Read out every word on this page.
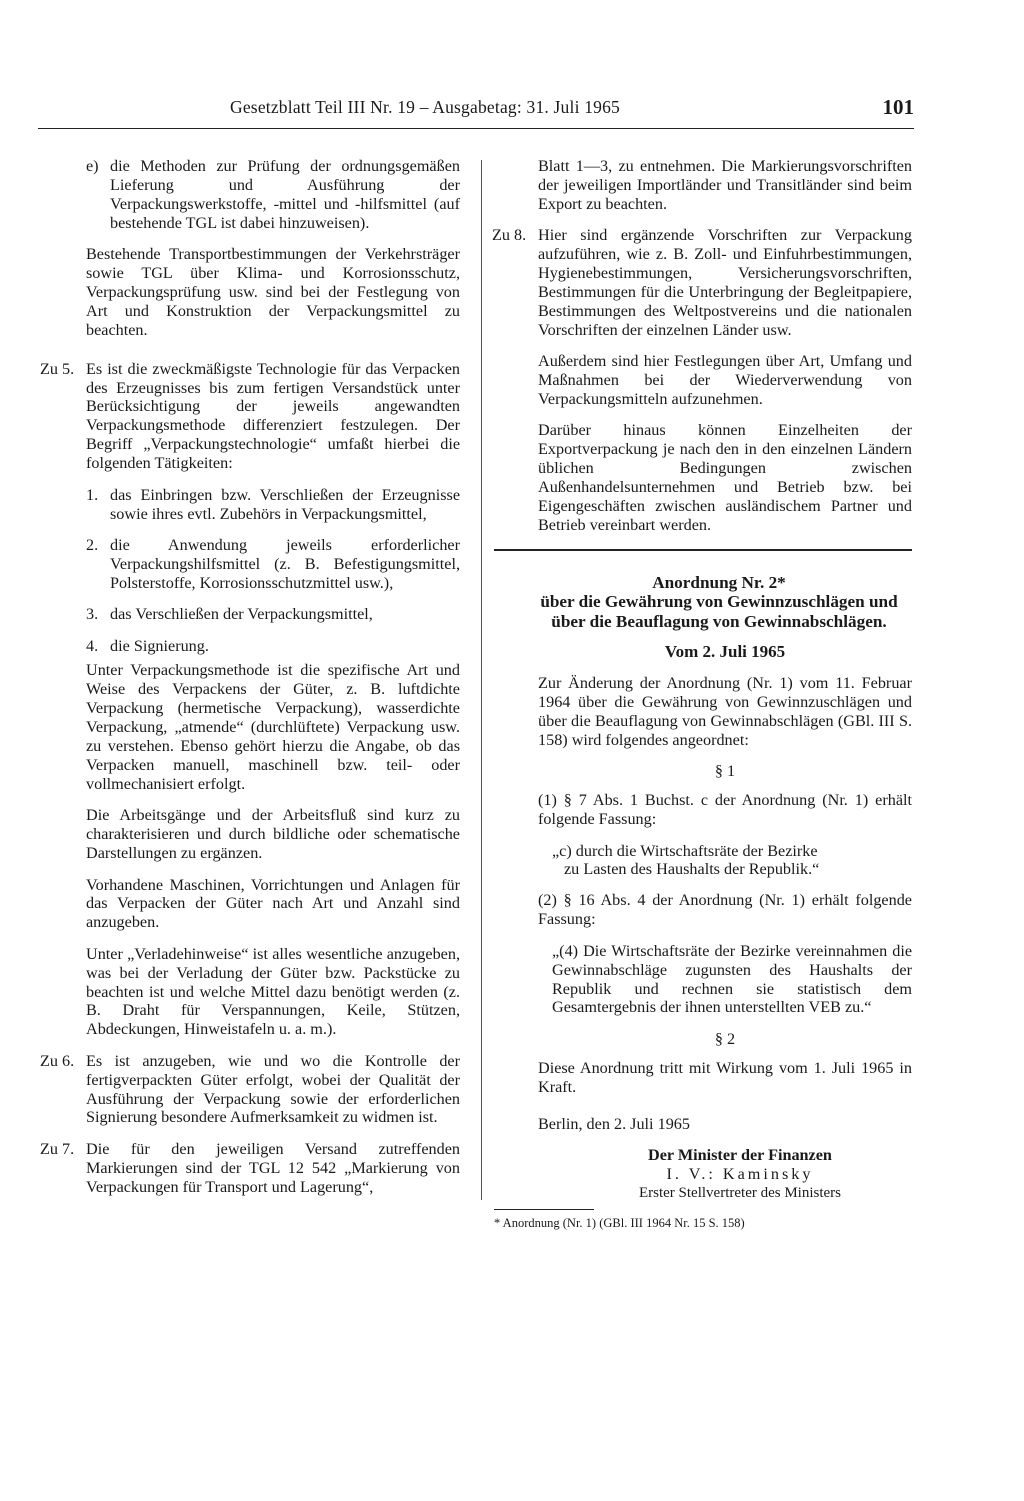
Gesetzblatt Teil III Nr. 19 – Ausgabetag: 31. Juli 1965	101

e) die Methoden zur Prüfung der ordnungsgemäßen Lieferung und Ausführung der Verpackungswerkstoffe, -mittel und -hilfsmittel (auf bestehende TGL ist dabei hinzuweisen).

Bestehende Transportbestimmungen der Verkehrsträger sowie TGL über Klima- und Korrosionsschutz, Verpackungsprüfung usw. sind bei der Festlegung von Art und Konstruktion der Verpackungsmittel zu beachten.

Zu 5. Es ist die zweckmäßigste Technologie für das Verpacken des Erzeugnisses bis zum fertigen Versandstück unter Berücksichtigung der jeweils angewandten Verpackungsmethode differenziert festzulegen. Der Begriff „Verpackungstechnologie“ umfaßt hierbei die folgenden Tätigkeiten:

1. das Einbringen bzw. Verschließen der Erzeugnisse sowie ihres evtl. Zubehörs in Verpackungsmittel,

2. die Anwendung jeweils erforderlicher Verpackungshilfsmittel (z. B. Befestigungsmittel, Polsterstoffe, Korrosionsschutzmittel usw.),

3. das Verschließen der Verpackungsmittel,

4. die Signierung.

Unter Verpackungsmethode ist die spezifische Art und Weise des Verpackens der Güter, z. B. luftdichte Verpackung (hermetische Verpackung), wasserdichte Verpackung, „atmende“ (durchlüftete) Verpackung usw. zu verstehen. Ebenso gehört hierzu die Angabe, ob das Verpacken manuell, maschinell bzw. teil- oder vollmechanisiert erfolgt.

Die Arbeitsgänge und der Arbeitsfluß sind kurz zu charakterisieren und durch bildliche oder schematische Darstellungen zu ergänzen.

Vorhandene Maschinen, Vorrichtungen und Anlagen für das Verpacken der Güter nach Art und Anzahl sind anzugeben.

Unter „Verladehinweise“ ist alles wesentliche anzugeben, was bei der Verladung der Güter bzw. Packstücke zu beachten ist und welche Mittel dazu benötigt werden (z. B. Draht für Verspannungen, Keile, Stützen, Abdeckungen, Hinweistafeln u. a. m.).

Zu 6. Es ist anzugeben, wie und wo die Kontrolle der fertigverpackten Güter erfolgt, wobei der Qualität der Ausführung der Verpackung sowie der erforderlichen Signierung besondere Aufmerksamkeit zu widmen ist.

Zu 7. Die für den jeweiligen Versand zutreffenden Markierungen sind der TGL 12 542 „Markierung von Verpackungen für Transport und Lagerung“,

Blatt 1—3, zu entnehmen. Die Markierungsvorschriften der jeweiligen Importländer und Transitländer sind beim Export zu beachten.

Zu 8. Hier sind ergänzende Vorschriften zur Verpackung aufzuführen, wie z. B. Zoll- und Einfuhrbestimmungen, Hygienebestimmungen, Versicherungsvorschriften, Bestimmungen für die Unterbringung der Begleitpapiere, Bestimmungen des Weltpostvereins und die nationalen Vorschriften der einzelnen Länder usw.

Außerdem sind hier Festlegungen über Art, Umfang und Maßnahmen bei der Wiederverwendung von Verpackungsmitteln aufzunehmen.

Darüber hinaus können Einzelheiten der Exportverpackung je nach den in den einzelnen Ländern üblichen Bedingungen zwischen Außenhandelsunternehmen und Betrieb bzw. bei Eigengeschäften zwischen ausländischem Partner und Betrieb vereinbart werden.

Anordnung Nr. 2*
über die Gewährung von Gewinnzuschlägen und
über die Beauflagung von Gewinnabschlägen.
Vom 2. Juli 1965

Zur Änderung der Anordnung (Nr. 1) vom 11. Februar 1964 über die Gewährung von Gewinnzuschlägen und über die Beauflagung von Gewinnabschlägen (GBl. III S. 158) wird folgendes angeordnet:

§ 1

(1) § 7 Abs. 1 Buchst. c der Anordnung (Nr. 1) erhält folgende Fassung:

„c) durch die Wirtschaftsräte der Bezirke
zu Lasten des Haushalts der Republik.“

(2) § 16 Abs. 4 der Anordnung (Nr. 1) erhält folgende Fassung:

„(4) Die Wirtschaftsräte der Bezirke vereinnahmen die Gewinnabschläge zugunsten des Haushalts der Republik und rechnen sie statistisch dem Gesamtergebnis der ihnen unterstellten VEB zu.“

§ 2

Diese Anordnung tritt mit Wirkung vom 1. Juli 1965 in Kraft.

Berlin, den 2. Juli 1965

Der Minister der Finanzen
I. V.: Kaminsky
Erster Stellvertreter des Ministers
* Anordnung (Nr. 1) (GBl. III 1964 Nr. 15 S. 158)
